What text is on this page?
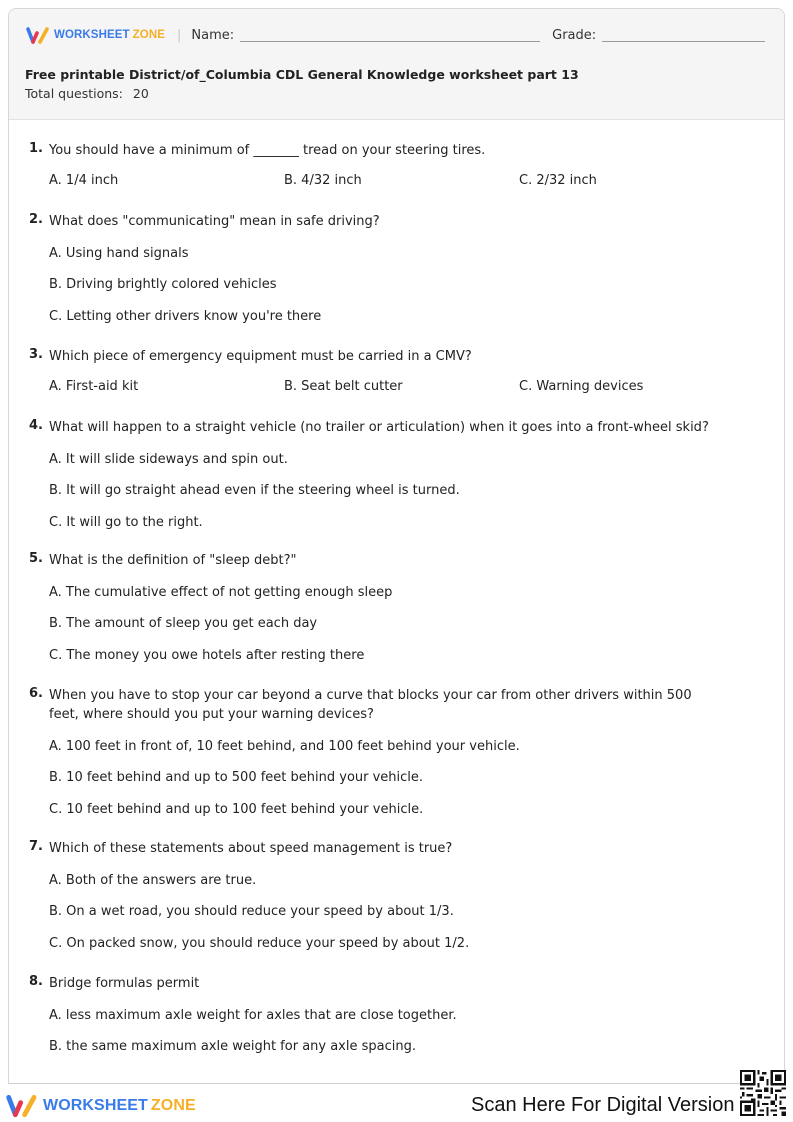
WORKSHEET ZONE | Name:	Grade:
Free printable District/of_Columbia CDL General Knowledge worksheet part 13
Total questions: 20
1. You should have a minimum of _______ tread on your steering tires.
A. 1/4 inch	B. 4/32 inch	C. 2/32 inch
2. What does "communicating" mean in safe driving?
A. Using hand signals
B. Driving brightly colored vehicles
C. Letting other drivers know you're there
3. Which piece of emergency equipment must be carried in a CMV?
A. First-aid kit	B. Seat belt cutter	C. Warning devices
4. What will happen to a straight vehicle (no trailer or articulation) when it goes into a front-wheel skid?
A. It will slide sideways and spin out.
B. It will go straight ahead even if the steering wheel is turned.
C. It will go to the right.
5. What is the definition of "sleep debt?"
A. The cumulative effect of not getting enough sleep
B. The amount of sleep you get each day
C. The money you owe hotels after resting there
6. When you have to stop your car beyond a curve that blocks your car from other drivers within 500 feet, where should you put your warning devices?
A. 100 feet in front of, 10 feet behind, and 100 feet behind your vehicle.
B. 10 feet behind and up to 500 feet behind your vehicle.
C. 10 feet behind and up to 100 feet behind your vehicle.
7. Which of these statements about speed management is true?
A. Both of the answers are true.
B. On a wet road, you should reduce your speed by about 1/3.
C. On packed snow, you should reduce your speed by about 1/2.
8. Bridge formulas permit
A. less maximum axle weight for axles that are close together.
B. the same maximum axle weight for any axle spacing.
WORKSHEET ZONE	Scan Here For Digital Version
